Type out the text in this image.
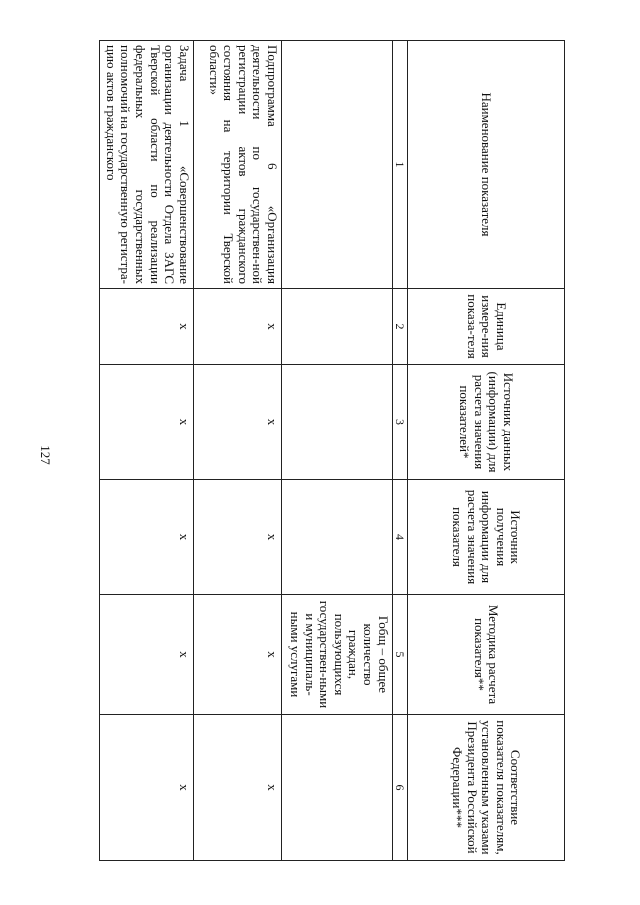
127
Наименование показателя	Единица измере-ния показа-теля	Источник данных (информации) для расчета значения показателей*	Источник получения информации для расчета значения показателя	Методика расчета показателя**	Соответствие показателя показателям, установленным указами Президента Российской Федерации***
1	2	3	4	5	6
				Гобщ – общее количество граждан, пользующихся государствен-ными и муниципаль-ными услугами	
Подпрограмма 6 «Организация деятельности по государствен-ной регистрации актов гражданского состояния на территории Тверской области»	x	x	x	x	x
Задача 1 «Совершенствование организации деятельности Отдела ЗАГС Тверской области по реализации федеральных государственных полномочий на государственную регистра-цию актов гражданского	x	x	x	x	x
